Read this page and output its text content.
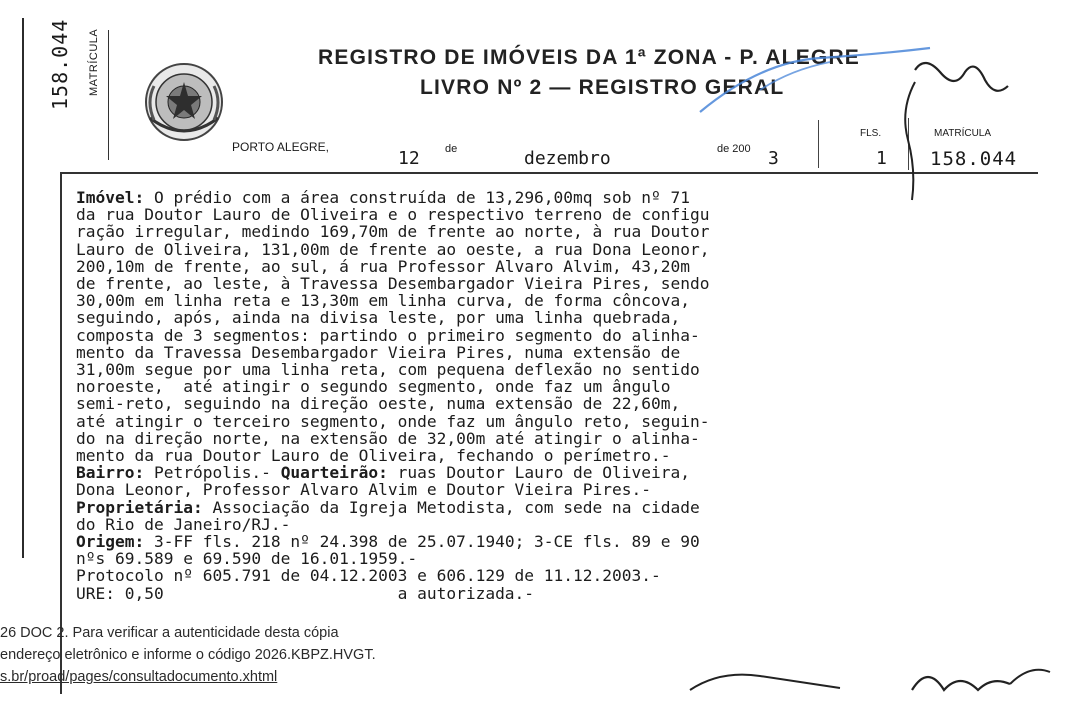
158.044 MATRÍCULA	REGISTRO DE IMÓVEIS DA 1ª ZONA - P. ALEGRE
LIVRO Nº 2 — REGISTRO GERAL
FLS.	MATRÍCULA
PORTO ALEGRE,
12 de	dezembro	de 200 3	1 158.044
Imóvel: O prédio com a área construída de 13,296,00mq sob nº 71
da rua Doutor Lauro de Oliveira e o respectivo terreno de configu
ração irregular, medindo 169,70m de frente ao norte, à rua Doutor
Lauro de Oliveira, 131,00m de frente ao oeste, a rua Dona Leonor,
200,10m de frente, ao sul, á rua Professor Alvaro Alvim, 43,20m
de frente, ao leste, à Travessa Desembargador Vieira Pires, sendo
30,00m em linha reta e 13,30m em linha curva, de forma côncova,
seguindo, após, ainda na divisa leste, por uma linha quebrada,
composta de 3 segmentos: partindo o primeiro segmento do alinha-
mento da Travessa Desembargador Vieira Pires, numa extensão de
31,00m segue por uma linha reta, com pequena deflexão no sentido
noroeste,  até atingir o segundo segmento, onde faz um ângulo
semi-reto, seguindo na direção oeste, numa extensão de 22,60m,
até atingir o terceiro segmento, onde faz um ângulo reto, seguin-
do na direção norte, na extensão de 32,00m até atingir o alinha-
mento da rua Doutor Lauro de Oliveira, fechando o perímetro.-
Bairro: Petrópolis.- Quarteirão: ruas Doutor Lauro de Oliveira,
Dona Leonor, Professor Alvaro Alvim e Doutor Vieira Pires.-
Proprietária: Associação da Igreja Metodista, com sede na cidade
do Rio de Janeiro/RJ.-
Origem: 3-FF fls. 218 nº 24.398 de 25.07.1940; 3-CE fls. 89 e 90
nºs 69.589 e 69.590 de 16.01.1959.-
Protocolo nº 605.791 de 04.12.2003 e 606.129 de 11.12.2003.-
URE: 0,50                        a autorizada.-
26 DOC 2. Para verificar a autenticidade desta cópia
endereço eletrônico e informe o código 2026.KBPZ.HVGT.
s.br/proad/pages/consultadocumento.xhtml
